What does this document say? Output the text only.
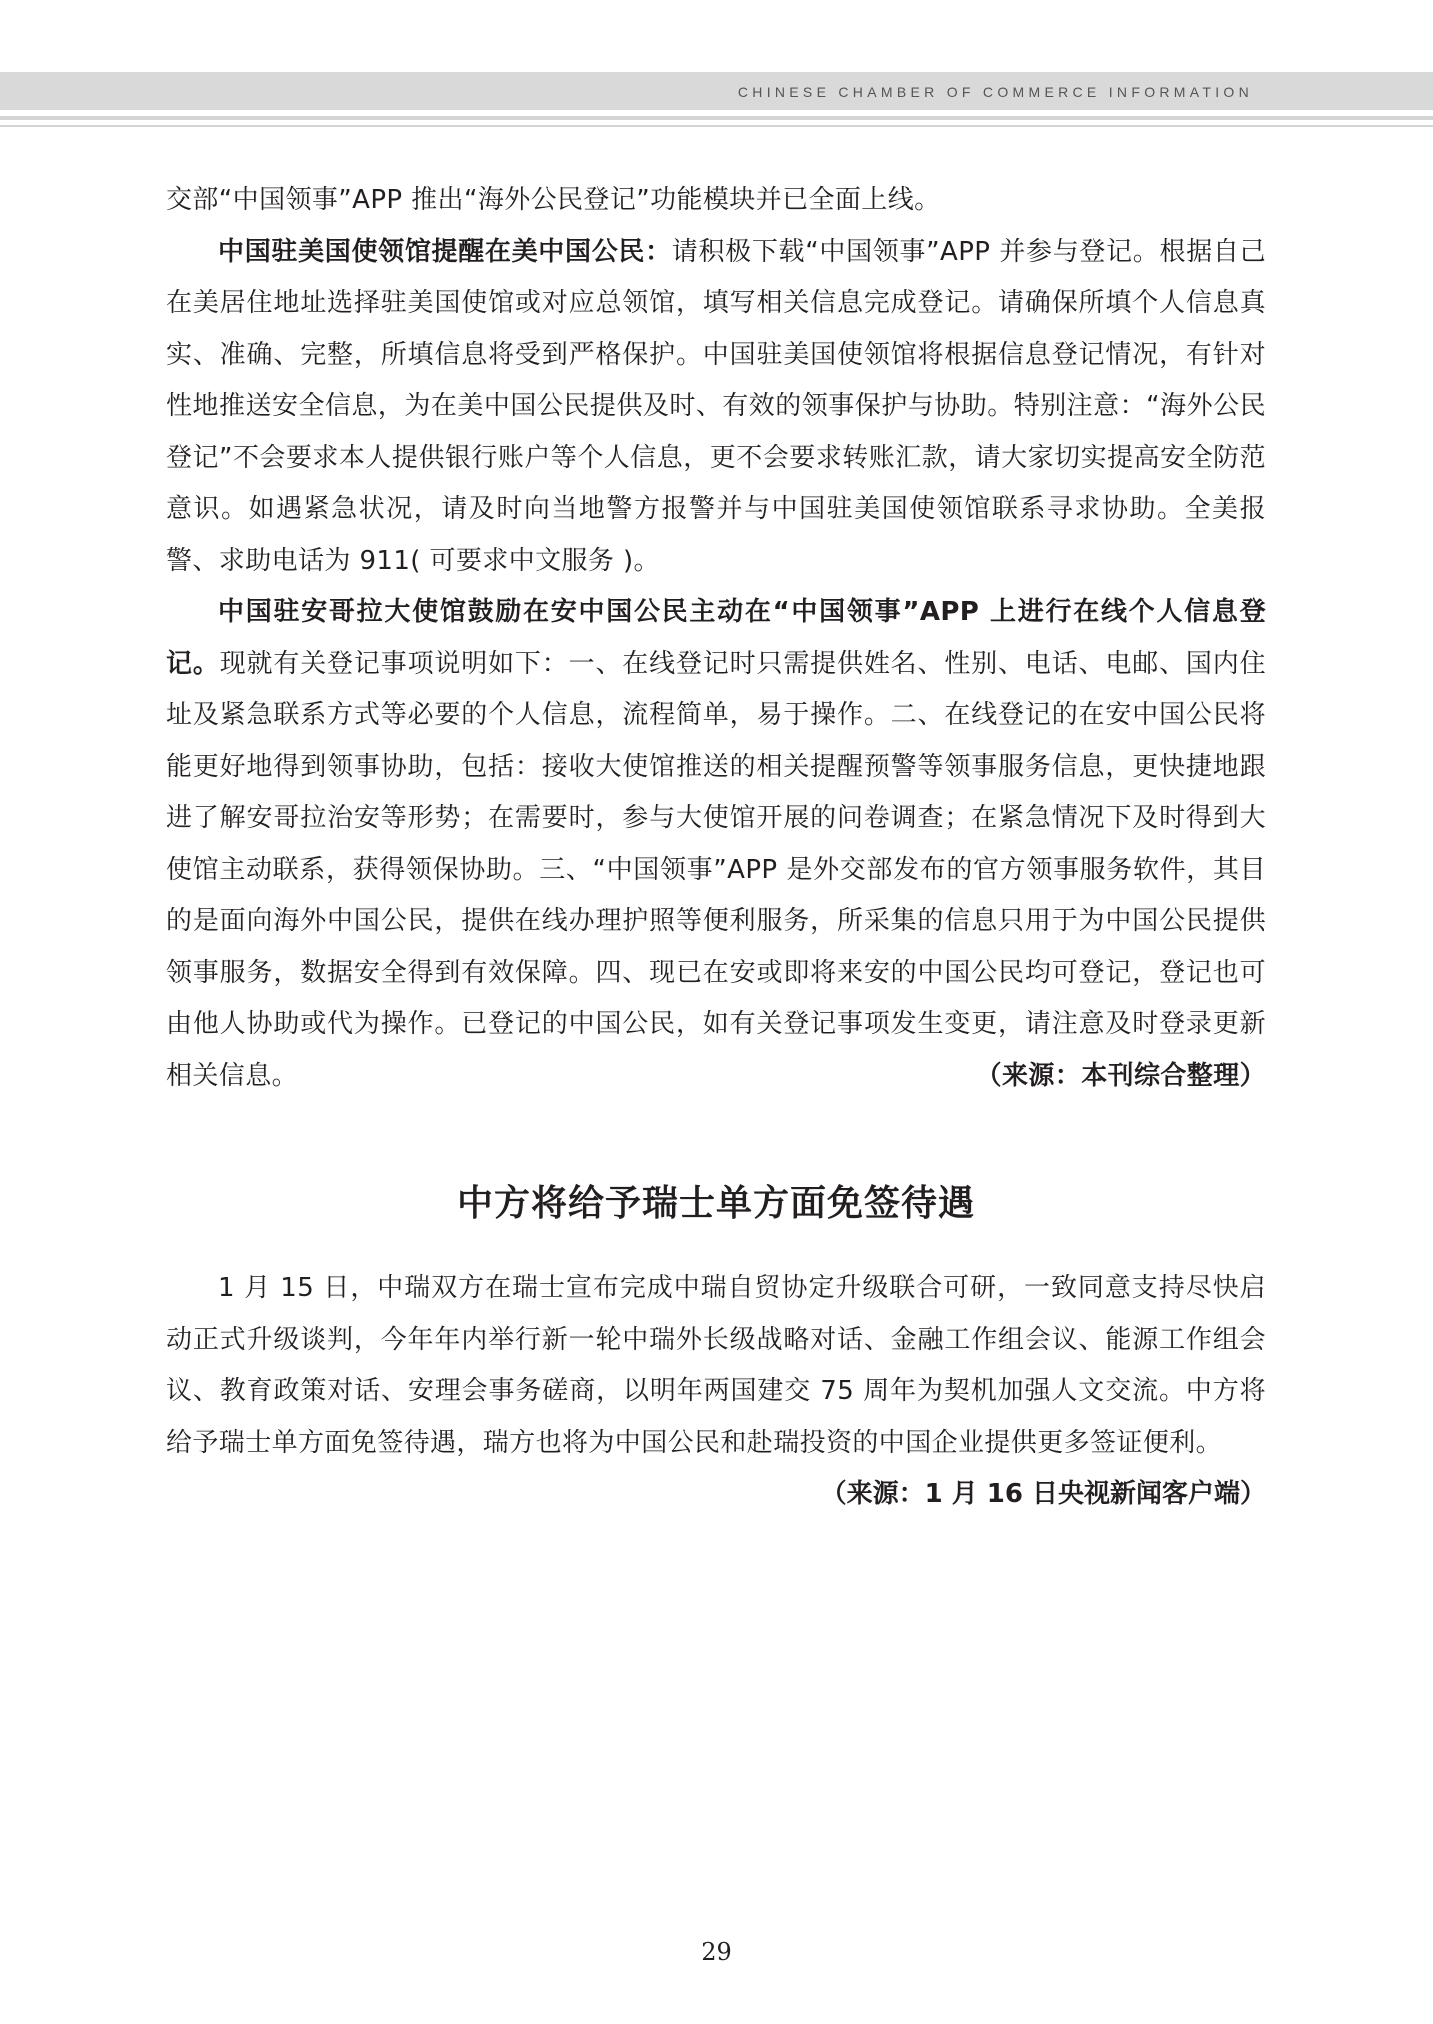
CHINESE CHAMBER OF COMMERCE INFORMATION

交部“中国领事”APP 推出“海外公民登记”功能模块并已全面上线。

中国驻美国使领馆提醒在美中国公民：请积极下载“中国领事”APP 并参与登记。根据自己在美居住地址选择驻美国使馆或对应总领馆，填写相关信息完成登记。请确保所填个人信息真实、准确、完整，所填信息将受到严格保护。中国驻美国使领馆将根据信息登记情况，有针对性地推送安全信息，为在美中国公民提供及时、有效的领事保护与协助。特别注意：“海外公民登记”不会要求本人提供银行账户等个人信息，更不会要求转账汇款，请大家切实提高安全防范意识。如遇紧急状况，请及时向当地警方报警并与中国驻美国使领馆联系寻求协助。全美报警、求助电话为 911( 可要求中文服务 )。

中国驻安哥拉大使馆鼓励在安中国公民主动在“中国领事”APP 上进行在线个人信息登记。现就有关登记事项说明如下：一、在线登记时只需提供姓名、性别、电话、电邮、国内住址及紧急联系方式等必要的个人信息，流程简单，易于操作。二、在线登记的在安中国公民将能更好地得到领事协助，包括：接收大使馆推送的相关提醒预警等领事服务信息，更快捷地跟进了解安哥拉治安等形势；在需要时，参与大使馆开展的问卷调查；在紧急情况下及时得到大使馆主动联系，获得领保协助。三、“中国领事”APP 是外交部发布的官方领事服务软件，其目的是面向海外中国公民，提供在线办理护照等便利服务，所采集的信息只用于为中国公民提供领事服务，数据安全得到有效保障。四、现已在安或即将来安的中国公民均可登记，登记也可由他人协助或代为操作。已登记的中国公民，如有关登记事项发生变更，请注意及时登录更新相关信息。	（来源：本刊综合整理）

中方将给予瑞士单方面免签待遇

1 月 15 日，中瑞双方在瑞士宣布完成中瑞自贸协定升级联合可研，一致同意支持尽快启动正式升级谈判，今年年内举行新一轮中瑞外长级战略对话、金融工作组会议、能源工作组会议、教育政策对话、安理会事务磋商，以明年两国建交 75 周年为契机加强人文交流。中方将给予瑞士单方面免签待遇，瑞方也将为中国公民和赴瑞投资的中国企业提供更多签证便利。

（来源：1 月 16 日央视新闻客户端）

29
